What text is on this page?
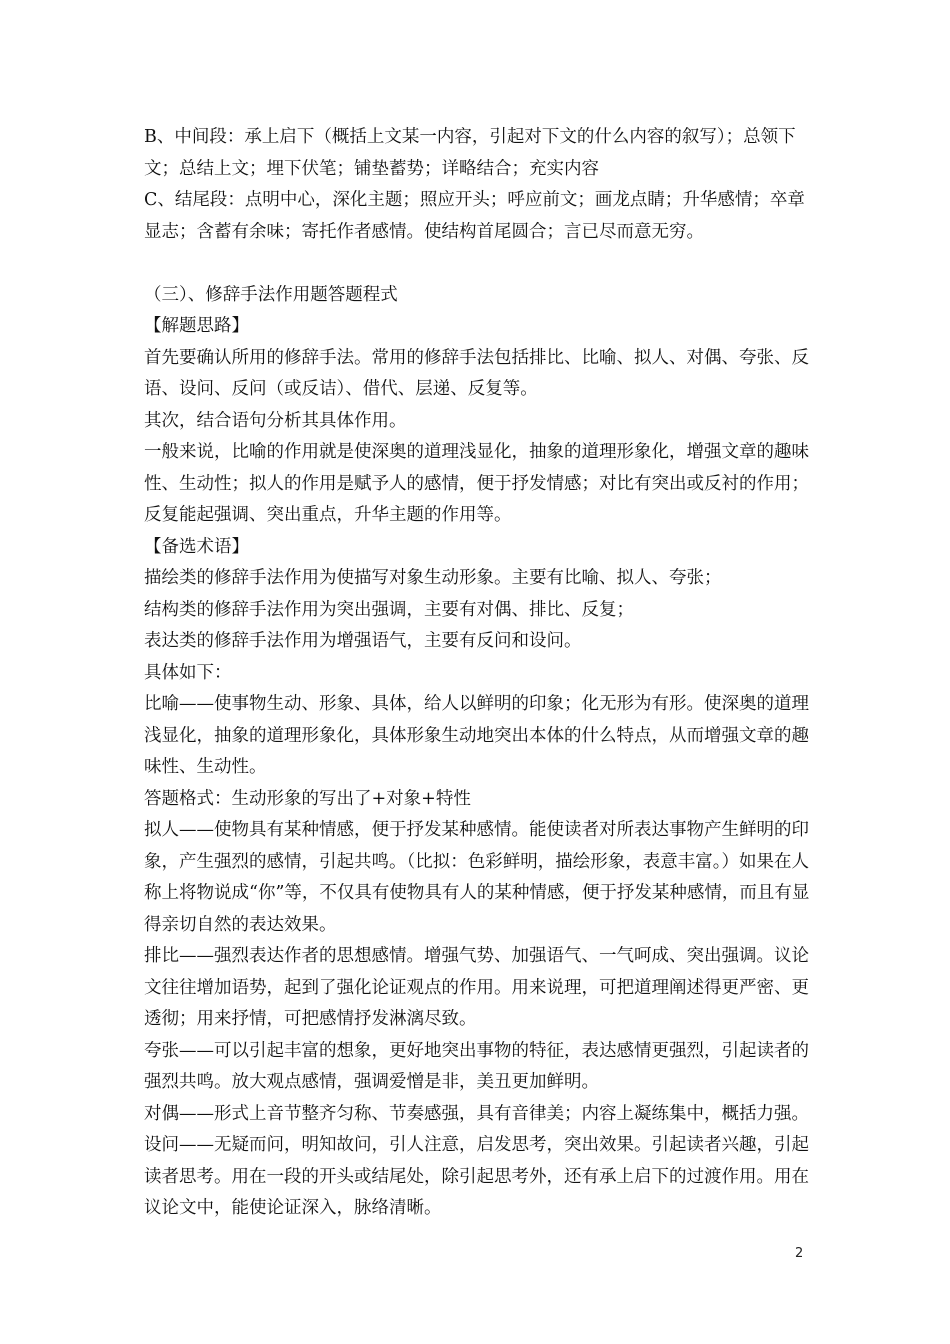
B、中间段：承上启下（概括上文某一内容，引起对下文的什么内容的叙写）；总领下文；总结上文；埋下伏笔；铺垫蓄势；详略结合；充实内容

C、结尾段：点明中心，深化主题；照应开头；呼应前文；画龙点睛；升华感情；卒章显志；含蓄有余味；寄托作者感情。使结构首尾圆合；言已尽而意无穷。

（三）、修辞手法作用题答题程式

【解题思路】

首先要确认所用的修辞手法。常用的修辞手法包括排比、比喻、拟人、对偶、夸张、反语、设问、反问（或反诘）、借代、层递、反复等。

其次，结合语句分析其具体作用。

一般来说，比喻的作用就是使深奥的道理浅显化，抽象的道理形象化，增强文章的趣味性、生动性；拟人的作用是赋予人的感情，便于抒发情感；对比有突出或反衬的作用；反复能起强调、突出重点，升华主题的作用等。

【备选术语】

描绘类的修辞手法作用为使描写对象生动形象。主要有比喻、拟人、夸张；

结构类的修辞手法作用为突出强调，主要有对偶、排比、反复；

表达类的修辞手法作用为增强语气，主要有反问和设问。

具体如下：

比喻——使事物生动、形象、具体，给人以鲜明的印象；化无形为有形。使深奥的道理浅显化，抽象的道理形象化，具体形象生动地突出本体的什么特点，从而增强文章的趣味性、生动性。

答题格式：生动形象的写出了+对象+特性

拟人——使物具有某种情感，便于抒发某种感情。能使读者对所表达事物产生鲜明的印象，产生强烈的感情，引起共鸣。（比拟：色彩鲜明，描绘形象，表意丰富。）如果在人称上将物说成“你”等，不仅具有使物具有人的某种情感，便于抒发某种感情，而且有显得亲切自然的表达效果。

排比——强烈表达作者的思想感情。增强气势、加强语气、一气呵成、突出强调。议论文往往增加语势，起到了强化论证观点的作用。用来说理，可把道理阐述得更严密、更透彻；用来抒情，可把感情抒发淋漓尽致。

夸张——可以引起丰富的想象，更好地突出事物的特征，表达感情更强烈，引起读者的强烈共鸣。放大观点感情，强调爱憎是非，美丑更加鲜明。

对偶——形式上音节整齐匀称、节奏感强，具有音律美；内容上凝练集中，概括力强。

设问——无疑而问，明知故问，引人注意，启发思考，突出效果。引起读者兴趣，引起读者思考。用在一段的开头或结尾处，除引起思考外，还有承上启下的过渡作用。用在议论文中，能使论证深入，脉络清晰。

2
